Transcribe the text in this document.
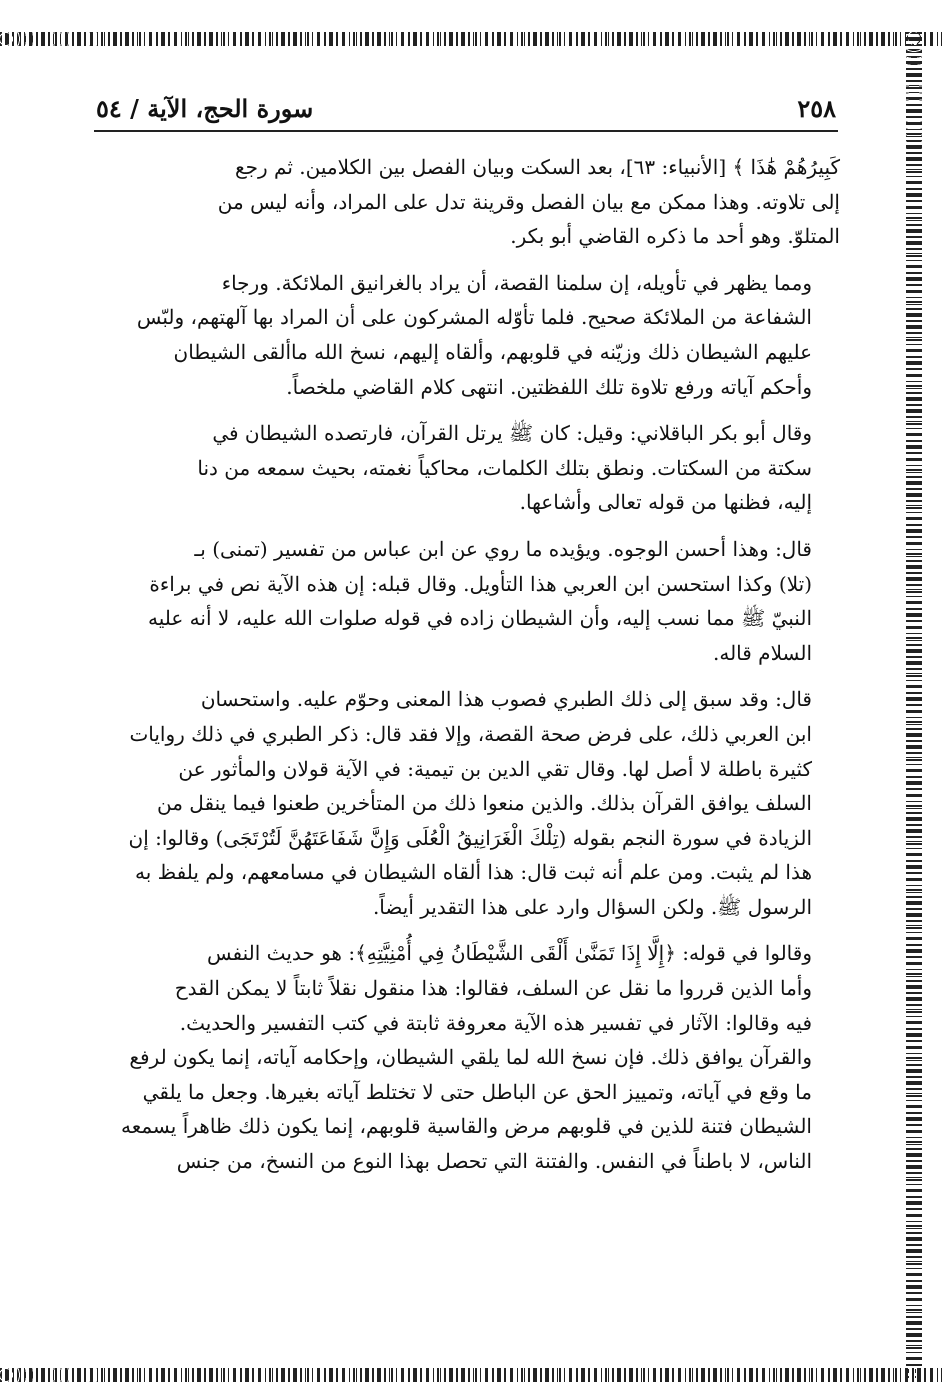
٢٥٨
سورة الحج، الآية / ٥٤

كَبِيرُهُمْ هَٰذَا ﴾ [الأنبياء: ٦٣]، بعد السكت وبيان الفصل بين الكلامين. ثم رجع
إلى تلاوته. وهذا ممكن مع بيان الفصل وقرينة تدل على المراد، وأنه ليس من
المتلوّ. وهو أحد ما ذكره القاضي أبو بكر.

ومما يظهر في تأويله، إن سلمنا القصة، أن يراد بالغرانيق الملائكة. ورجاء
الشفاعة من الملائكة صحيح. فلما تأوّله المشركون على أن المراد بها آلهتهم، ولبّس
عليهم الشيطان ذلك وزيّنه في قلوبهم، وألقاه إليهم، نسخ الله ماألقى الشيطان
وأحكم آياته ورفع تلاوة تلك اللفظتين. انتهى كلام القاضي ملخصاً.

وقال أبو بكر الباقلاني: وقيل: كان ﷺ يرتل القرآن، فارتصده الشيطان في
سكتة من السكتات. ونطق بتلك الكلمات، محاكياً نغمته، بحيث سمعه من دنا
إليه، فظنها من قوله تعالى وأشاعها.

قال: وهذا أحسن الوجوه. ويؤيده ما روي عن ابن عباس من تفسير (تمنى) بـ
(تلا) وكذا استحسن ابن العربي هذا التأويل. وقال قبله: إن هذه الآية نص في براءة
النبيّ ﷺ مما نسب إليه، وأن الشيطان زاده في قوله صلوات الله عليه، لا أنه عليه
السلام قاله.

قال: وقد سبق إلى ذلك الطبري فصوب هذا المعنى وحوّم عليه. واستحسان
ابن العربي ذلك، على فرض صحة القصة، وإلا فقد قال: ذكر الطبري في ذلك روايات
كثيرة باطلة لا أصل لها. وقال تقي الدين بن تيمية: في الآية قولان والمأثور عن
السلف يوافق القرآن بذلك. والذين منعوا ذلك من المتأخرين طعنوا فيما ينقل من
الزيادة في سورة النجم بقوله (تِلْكَ الْغَرَانِيقُ الْعُلَى وَإِنَّ شَفَاعَتَهُنَّ لَتُرْتَجَى) وقالوا: إن
هذا لم يثبت. ومن علم أنه ثبت قال: هذا ألقاه الشيطان في مسامعهم، ولم يلفظ به
الرسول ﷺ. ولكن السؤال وارد على هذا التقدير أيضاً.

وقالوا في قوله: ﴿إِلَّا إِذَا تَمَنَّىٰ أَلْقَى الشَّيْطَانُ فِي أُمْنِيَّتِهِ﴾: هو حديث النفس
وأما الذين قرروا ما نقل عن السلف، فقالوا: هذا منقول نقلاً ثابتاً لا يمكن القدح
فيه وقالوا: الآثار في تفسير هذه الآية معروفة ثابتة في كتب التفسير والحديث.
والقرآن يوافق ذلك. فإن نسخ الله لما يلقي الشيطان، وإحكامه آياته، إنما يكون لرفع
ما وقع في آياته، وتمييز الحق عن الباطل حتى لا تختلط آياته بغيرها. وجعل ما يلقي
الشيطان فتنة للذين في قلوبهم مرض والقاسية قلوبهم، إنما يكون ذلك ظاهراً يسمعه
الناس، لا باطناً في النفس. والفتنة التي تحصل بهذا النوع من النسخ، من جنس
